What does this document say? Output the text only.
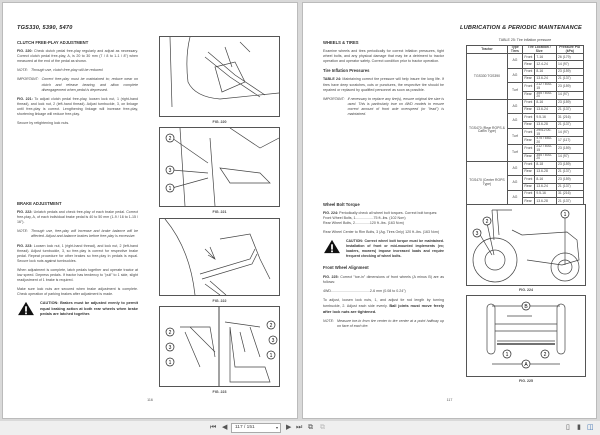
TGS330, 5390, 5470
CLUTCH FREE-PLAY ADJUSTMENT

FIG. 220: Check clutch pedal free-play regularly and adjust as necessary. Correct clutch pedal free-play, A, is 20 to 30 mm (7 / 8 to 1-1 / 8") when measured at the end of the pedal as shown.

NOTE: Through use, clutch free-play will be reduced.

IMPORTANT: Correct free-play must be maintained to; reduce wear on clutch and release bearing, and allow complete disengagement when pedal is depressed.

FIG. 221: To adjust clutch pedal free-play, loosen lock nut, 1 (right-hand thread), and lock nut, 2 (left-hand thread). Adjust turnbuckle, 3, on linkage until free-play is correct. Lengthening linkage will increase free-play, shortening linkage will reduce free-play.

Secure by retightening lock nuts.

BRAKE ADJUSTMENT

FIG. 222: Unlatch pedals and check free-play of each brake pedal. Correct free-play, A, of each individual brake pedal is 40 to 50 mm (1-9 / 16 to 1-15 / 16").

NOTE: Through use, free-play will increase and brake balance will be affected. Adjust and balance brakes before free-play is excessive.

FIG. 223: Loosen lock nut, 1 (right-hand thread), and lock nut, 2 (left-hand thread). Adjust turnbuckle, 3, so free-play is correct for respective brake pedal. Repeat procedure for other brakes so free-play in pedals is equal. Secure lock nuts against turnbuckles.

When adjustment is complete, latch pedals together and operate tractor at low speed. Depress pedals. If tractor has tendency to "pull" to 1 side, slight readjustment of 1 brake is required.

Make sure lock nuts are secured when brake adjustment is complete. Check operation of parking brakes after adjustment is made.

CAUTION: Brakes must be adjusted evenly to permit equal braking action at both rear wheels when brake pedals are latched together.
FIG. 220
2
3
1
FIG. 221
FIG. 222
2
3
1
2
3
1
FIG. 223
116
LUBRICATION & PERIODIC MAINTENANCE
WHEELS & TIRES

Examine wheels and tires periodically for correct inflation pressures, tight wheel bolts, and any physical damage that may be a detriment to tractor operation and operator safety. Correct condition prior to tractor operation.

Tire Inflation Pressures

TABLE 24: Maintaining correct tire pressure will help insure tire long life. If tires have deep scratches, cuts or punctures, the respective tire should be repaired or replaced by qualified personnel as soon as possible.

IMPORTANT: If necessary to replace any tire(s), ensure original tire size is used. This is particularly true on 4WD models to ensure correct amount of front axle overspeed (or "lead") is maintained.

Wheel Bolt Torque

FIG. 224: Periodically check all wheel bolt torques. Correct bolt torques:

Front Wheel Bolts, 1..................75 ft.-lbs. (102 N•m)

Rear Wheel Bolts, 2...............120 ft.-lbs. (163 N•m)

Rear Wheel Center to Rim Bolts, 3 (Ag. Tires Only) 120 ft.-lbs. (163 N•m)

CAUTION: Correct wheel bolt torque must be maintained. Installation of front or mid-mounted implements (ex; loaders, mowers) impose increased loads and require frequent checking of wheel bolts.
Front Wheel Alignment

FIG. 225: Correct "toe-in" dimensions of front wheels (A minus B) are as follows:

4WD.......................................2-6 mm (0.08 to 0.24")

To adjust, loosen lock nuts, 1, and adjust tie rod length by turning turnbuckle, 2. Adjust each side evenly. Ball joints must move freely after lock nuts are tightened.

NOTE: Measure toe-in from tire center to tire center at a point halfway up on face of each tire.

TABLE 25: Tire inflation pressure
Tractor	Type Tires	Tire Location / Size		Pressure PSI (kPa)
TGS330 TGS390	AG	Front	7-16	26 (179)
		Rear	12.4-24	14 (97)
	AG	Front	8-16	23 (159)
		Rear	13.6-24	21 (137)
	Turf	Front	212 / 80D-15	23 (159)
		Rear	355 / 80D-20	14 (97)
TGS470 (Rear ROPS & Cabin Type)	AG	Front	8-16	23 (159)
		Rear	13.6-24	21 (137)
	AG	Front	9.5-16	31 (216)
		Rear	13.6-28	21 (137)
	Turf	Front	29x12.00-15	14 (97)
		Rear	475 / 65D-20	17 (117)
	Turf	Front	212 / 80D-15	23 (159)
		Rear	355 / 80D-20	14 (97)
TGS470 (Center ROPS Type)	AG	Front	8-18	23 (159)
		Rear	13.6-28	21 (137)
	AG	Front	8-16	23 (159)
		Rear	13.6-24	21 (137)
	AG	Front	9.5-16	31 (216)
		Rear	13.6-28	21 (137)
1
2
3
FIG. 224
B
A
1	2
FIG. 225
117
⏮ ◀	117 / 151	▾ ▶ ⏭ ⧉ ⧉	▯ ▮ ◫
